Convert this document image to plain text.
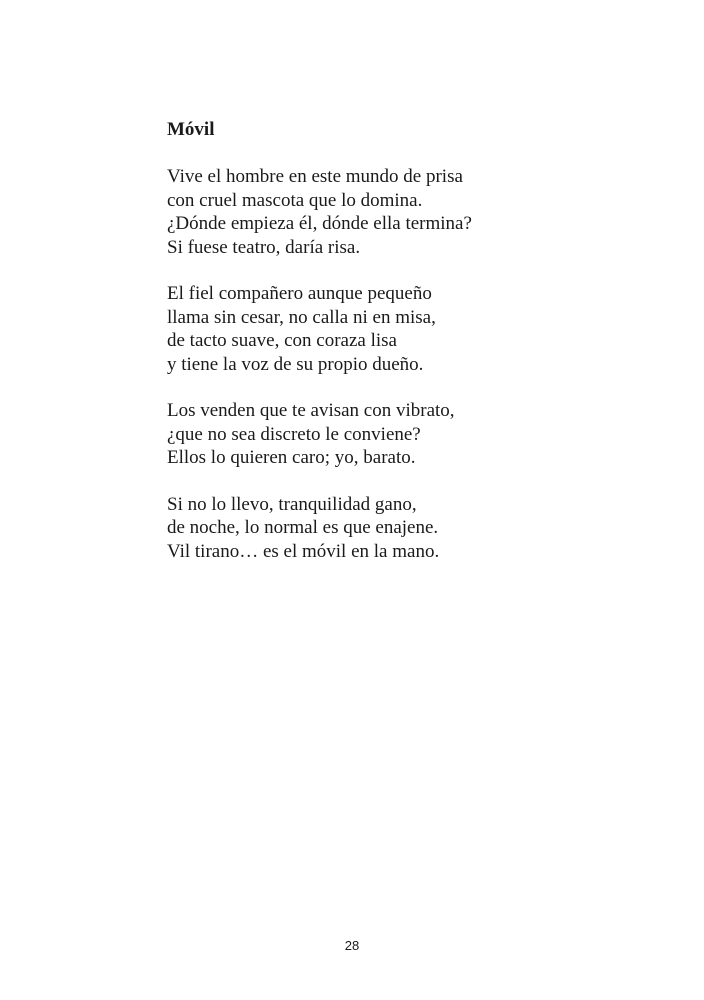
Móvil
Vive el hombre en este mundo de prisa
con cruel mascota que lo domina.
¿Dónde empieza él, dónde ella termina?
Si fuese teatro, daría risa.
El fiel compañero aunque pequeño
llama sin cesar, no calla ni en misa,
de tacto suave, con coraza lisa
y tiene la voz de su propio dueño.
Los venden que te avisan con vibrato,
¿que no sea discreto le conviene?
Ellos lo quieren caro; yo, barato.
Si no lo llevo, tranquilidad gano,
de noche, lo normal es que enajene.
Vil tirano… es el móvil en la mano.
28
